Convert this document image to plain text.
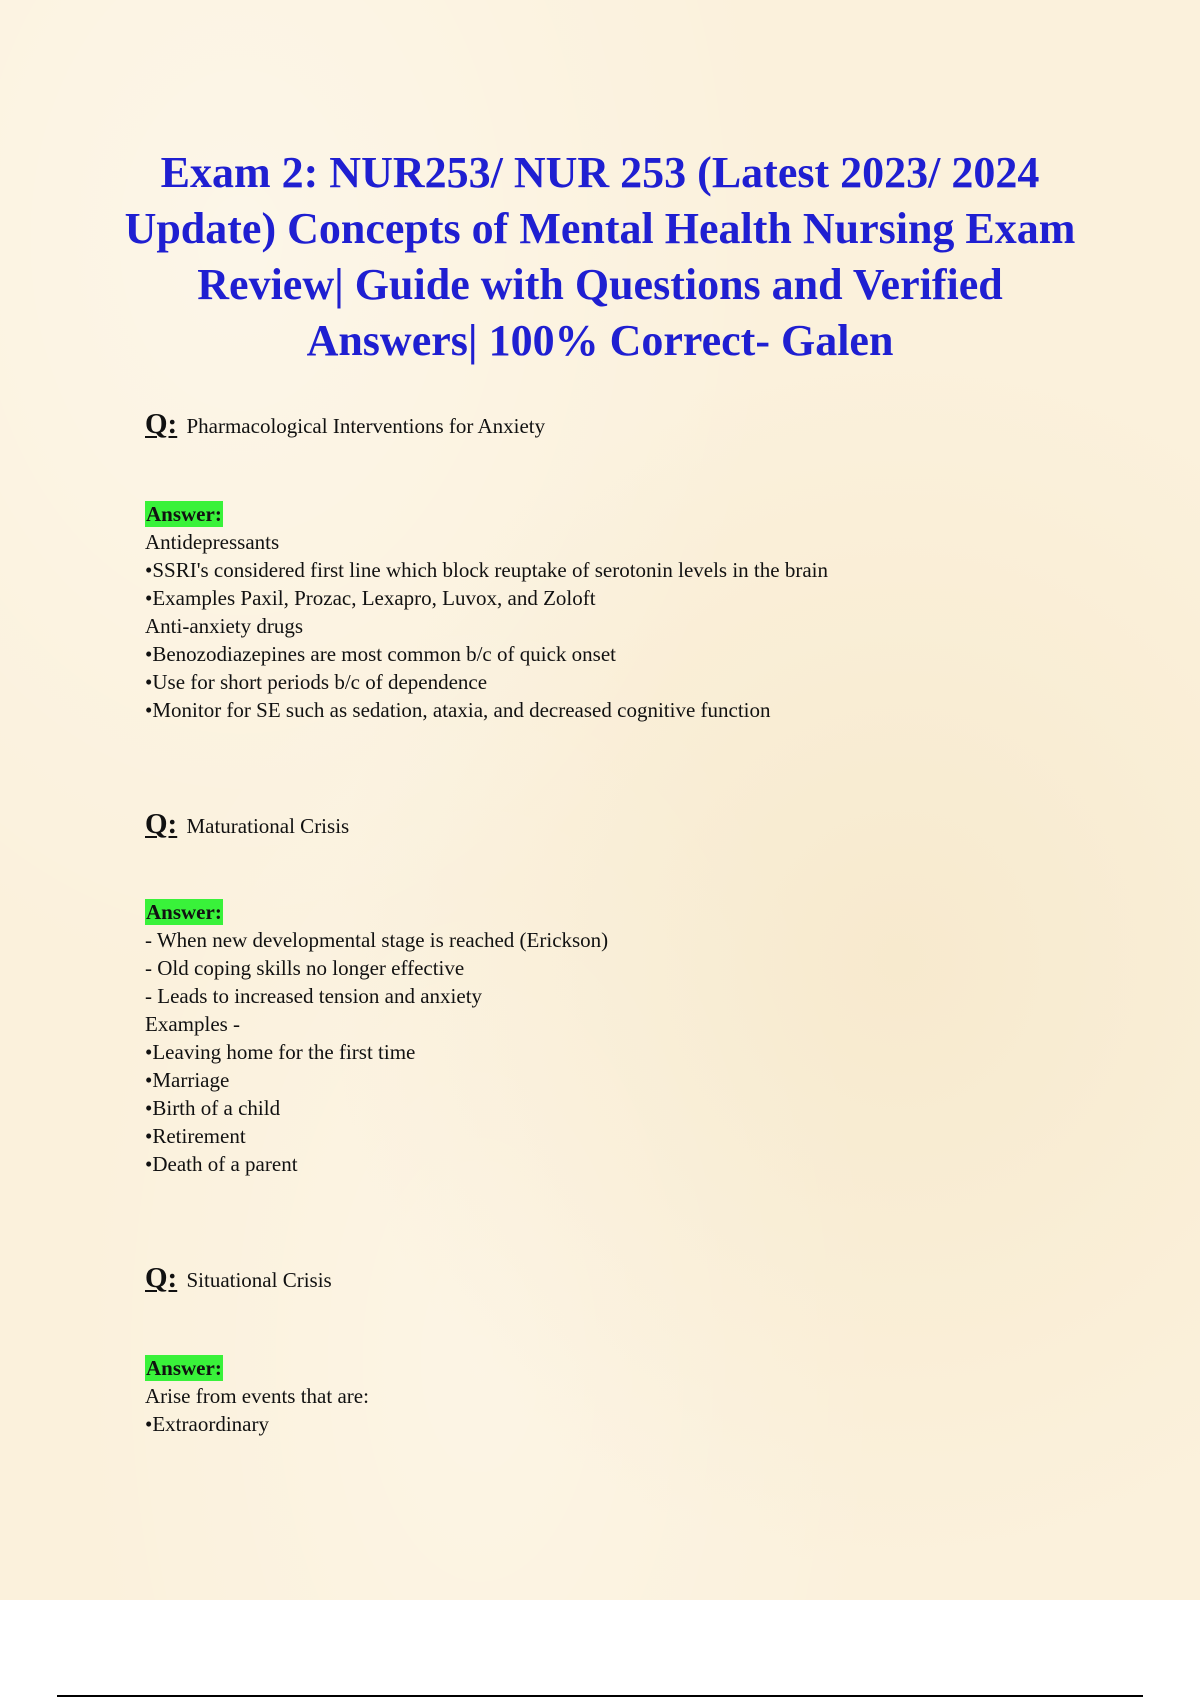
Exam 2: NUR253/ NUR 253 (Latest 2023/ 2024 Update) Concepts of Mental Health Nursing Exam Review| Guide with Questions and Verified Answers| 100% Correct- Galen

Q: Pharmacological Interventions for Anxiety

Answer:

Antidepressants

•SSRI's considered first line which block reuptake of serotonin levels in the brain

•Examples Paxil, Prozac, Lexapro, Luvox, and Zoloft

Anti-anxiety drugs

•Benozodiazepines are most common b/c of quick onset

•Use for short periods b/c of dependence

•Monitor for SE such as sedation, ataxia, and decreased cognitive function

Q: Maturational Crisis

Answer:

- When new developmental stage is reached (Erickson)

- Old coping skills no longer effective

- Leads to increased tension and anxiety

Examples -

•Leaving home for the first time

•Marriage

•Birth of a child

•Retirement

•Death of a parent

Q: Situational Crisis

Answer:

Arise from events that are:

•Extraordinary
